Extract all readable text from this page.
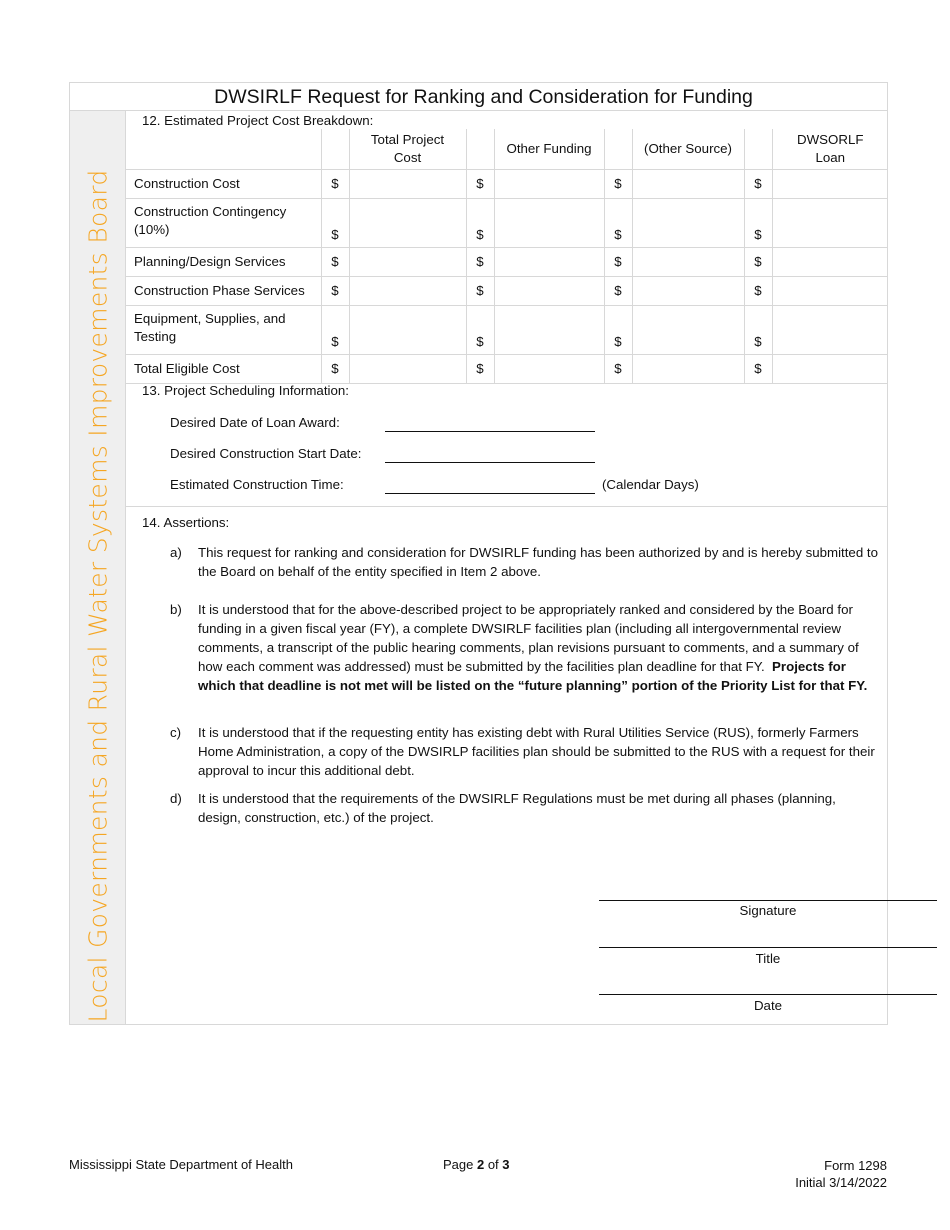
DWSIRLF Request for Ranking and Consideration for Funding
Local Governments and Rural Water Systems Improvements Board
12. Estimated Project Cost Breakdown:
		Total Project Cost		Other Funding		(Other Source)		DWSORLF Loan
Construction Cost	$		$		$		$	
Construction Contingency (10%)	$		$		$		$	
Planning/Design Services	$		$		$		$	
Construction Phase Services	$		$		$		$	
Equipment, Supplies, and Testing	$		$		$		$	
Total Eligible Cost	$		$		$		$	
13. Project Scheduling Information:
Desired Date of Loan Award:
Desired Construction Start Date:
Estimated Construction Time:	(Calendar Days)
14. Assertions:
a) This request for ranking and consideration for DWSIRLF funding has been authorized by and is hereby submitted to the Board on behalf of the entity specified in Item 2 above.
b) It is understood that for the above-described project to be appropriately ranked and considered by the Board for funding in a given fiscal year (FY), a complete DWSIRLF facilities plan (including all intergovernmental review comments, a transcript of the public hearing comments, plan revisions pursuant to comments, and a summary of how each comment was addressed) must be submitted by the facilities plan deadline for that FY. Projects for which that deadline is not met will be listed on the “future planning” portion of the Priority List for that FY.
c) It is understood that if the requesting entity has existing debt with Rural Utilities Service (RUS), formerly Farmers Home Administration, a copy of the DWSIRLP facilities plan should be submitted to the RUS with a request for their approval to incur this additional debt.
d) It is understood that the requirements of the DWSIRLF Regulations must be met during all phases (planning, design, construction, etc.) of the project.
Signature
Title
Date
Mississippi State Department of Health	Page 2 of 3	Form 1298
Initial 3/14/2022
